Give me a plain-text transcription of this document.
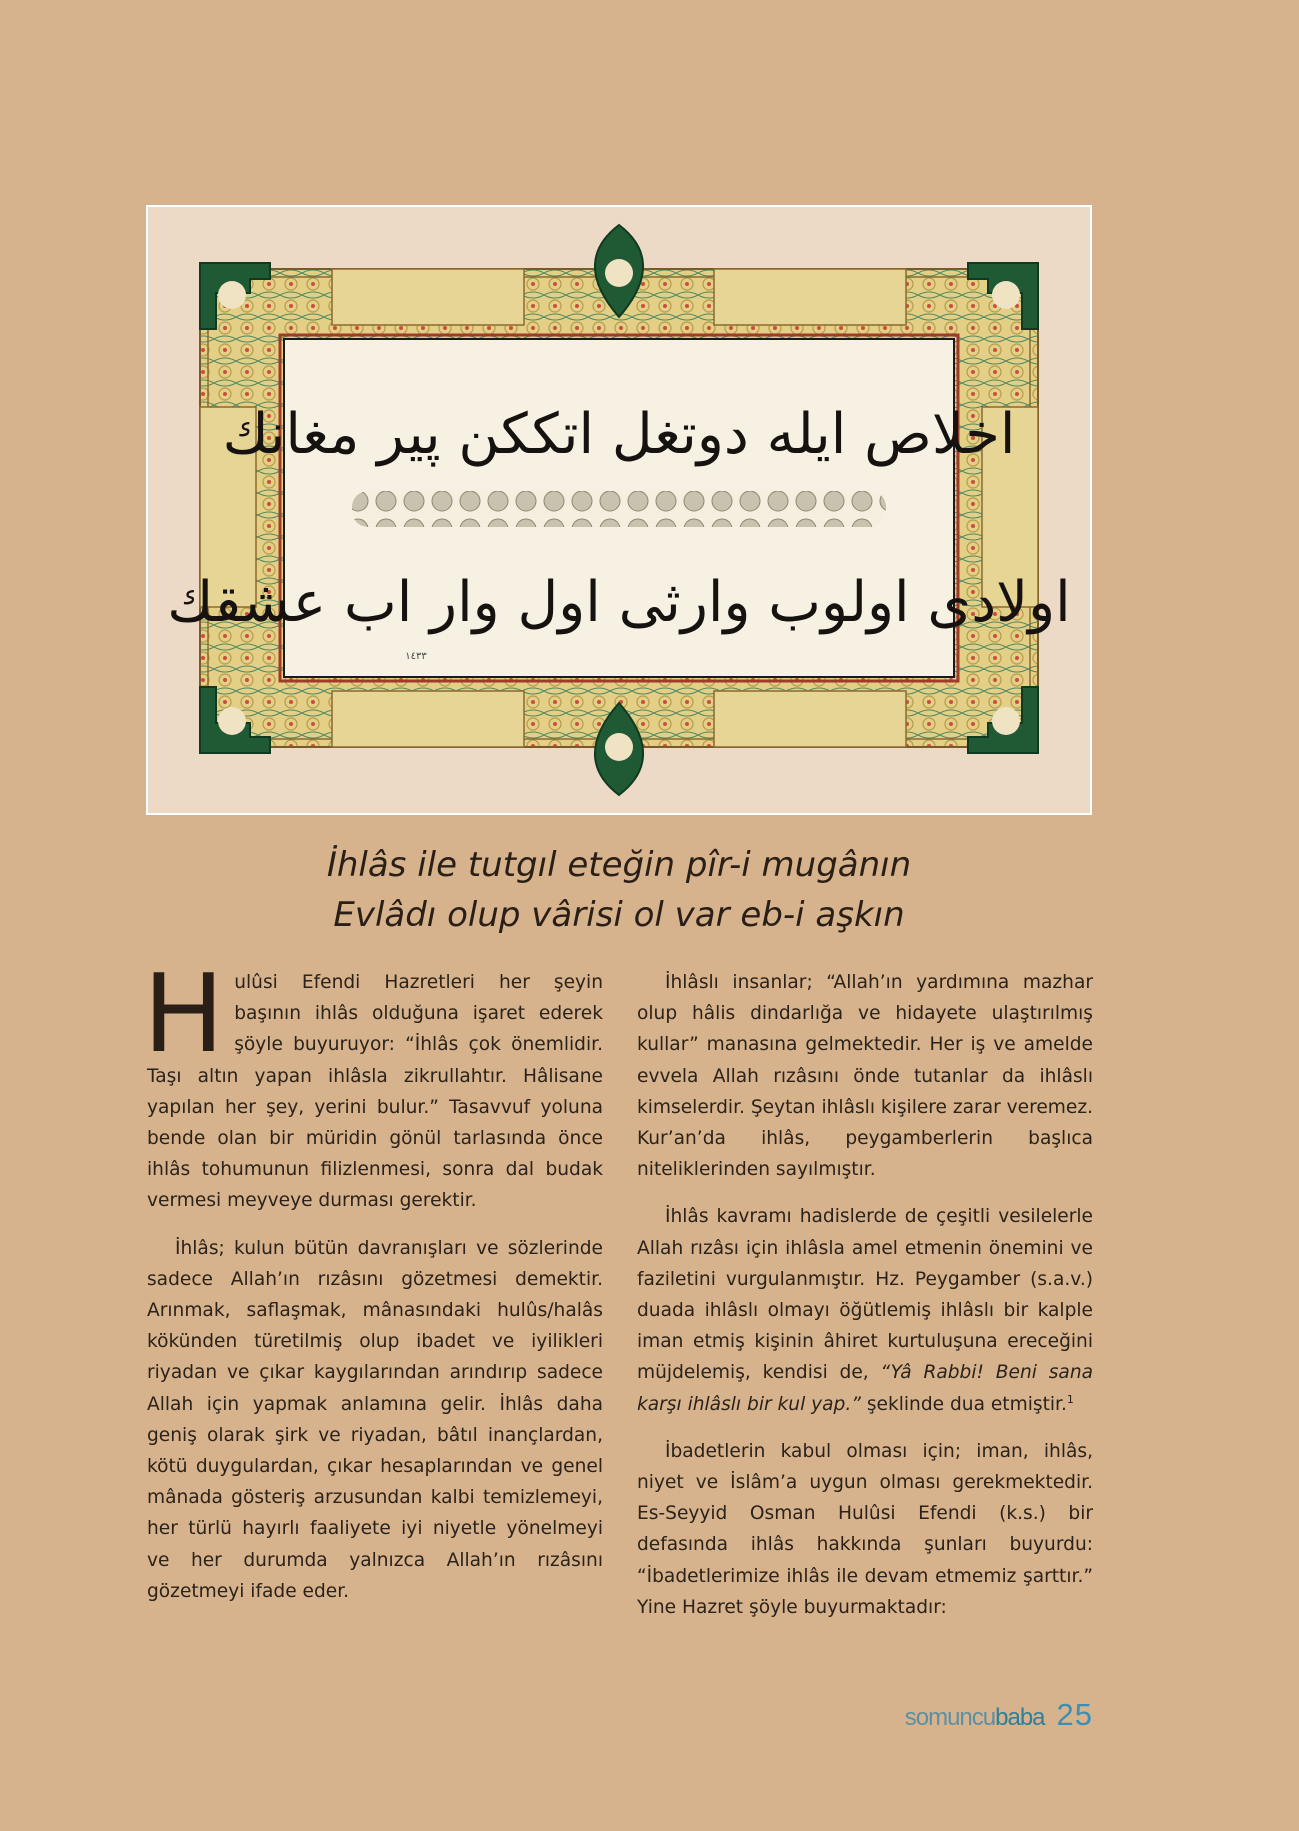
اخلاص ایله دوتغل اتككن پیر مغانك
اولادی اولوب وارثی اول وار اب عشقك
١٤٣٣
İhlâs ile tutgıl eteğin pîr-i mugânın
Evlâdı olup vârisi ol var eb-i aşkın

Hulûsi Efendi Hazretleri her şeyin başının ihlâs olduğuna işaret ederek şöyle buyuruyor: “İhlâs çok önemlidir. Taşı altın yapan ihlâsla zikrullahtır. Hâlisane yapılan her şey, yerini bulur.” Tasavvuf yoluna bende olan bir müridin gönül tarlasında önce ihlâs tohumunun filizlenmesi, sonra dal budak vermesi meyveye durması gerektir.

İhlâs; kulun bütün davranışları ve sözlerinde sadece Allah’ın rızâsını gözetmesi demektir. Arınmak, saflaşmak, mânasındaki hulûs/halâs kökünden türetilmiş olup ibadet ve iyilikleri riyadan ve çıkar kaygılarından arındırıp sadece Allah için yapmak anlamına gelir. İhlâs daha geniş olarak şirk ve riyadan, bâtıl inançlardan, kötü duygulardan, çıkar hesaplarından ve genel mânada gösteriş arzusundan kalbi temizlemeyi, her türlü hayırlı faaliyete iyi niyetle yönelmeyi ve her durumda yalnızca Allah’ın rızâsını gözetmeyi ifade eder.

İhlâslı insanlar; “Allah’ın yardımına mazhar olup hâlis dindarlığa ve hidayete ulaştırılmış kullar” manasına gelmektedir. Her iş ve amelde evvela Allah rızâsını önde tutanlar da ihlâslı kimselerdir. Şeytan ihlâslı kişilere zarar veremez. Kur’an’da ihlâs, peygamberlerin başlıca niteliklerinden sayılmıştır.

İhlâs kavramı hadislerde de çeşitli vesilelerle Allah rızâsı için ihlâsla amel etmenin önemini ve faziletini vurgulanmıştır. Hz. Peygamber (s.a.v.) duada ihlâslı olmayı öğütlemiş ihlâslı bir kalple iman etmiş kişinin âhiret kurtuluşuna ereceğini müjdelemiş, kendisi de, “Yâ Rabbi! Beni sana karşı ihlâslı bir kul yap.” şeklinde dua etmiştir.$^1$

İbadetlerin kabul olması için; iman, ihlâs, niyet ve İslâm’a uygun olması gerekmektedir. Es-Seyyid Osman Hulûsi Efendi (k.s.) bir defasında ihlâs hakkında şunları buyurdu: “İbadetlerimize ihlâs ile devam etmemiz şarttır.” Yine Hazret şöyle buyurmaktadır:

somuncu baba 25
